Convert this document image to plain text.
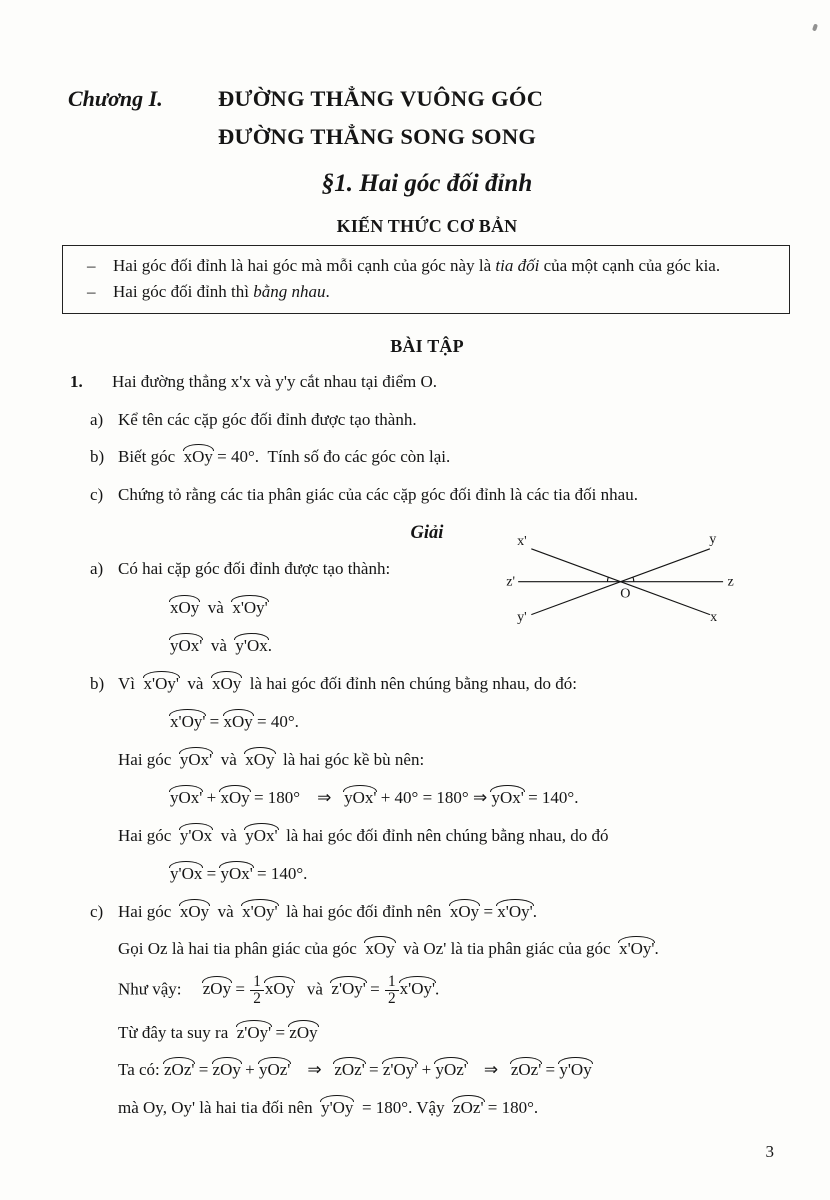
Chương I.	ĐƯỜNG THẲNG VUÔNG GÓC
ĐƯỜNG THẲNG SONG SONG
§1. Hai góc đối đỉnh
KIẾN THỨC CƠ BẢN
–	Hai góc đối đỉnh là hai góc mà mỗi cạnh của góc này là tia đối của một cạnh của góc kia.
–	Hai góc đối đỉnh thì bằng nhau.
BÀI TẬP
1.	Hai đường thẳng x'x và y'y cắt nhau tại điểm O.
a) Kể tên các cặp góc đối đỉnh được tạo thành.
b) Biết góc  xOy = 40°.  Tính số đo các góc còn lại.
c) Chứng tỏ rằng các tia phân giác của các cặp góc đối đỉnh là các tia đối nhau.
Giải
a) Có hai cặp góc đối đỉnh được tạo thành:
xOy  và  x'Oy'
yOx'  và  y'Ox.
x'	y
z'	z
y'	x
O
b) Vì  x'Oy'  và  xOy  là hai góc đối đỉnh nên chúng bằng nhau, do đó:
x'Oy' = xOy = 40°.
Hai góc  yOx'  và  xOy  là hai góc kề bù nên:
yOx' + xOy = 180°    ⇒   yOx' + 40° = 180° ⇒ yOx' = 140°.
Hai góc  y'Ox  và  yOx'  là hai góc đối đỉnh nên chúng bằng nhau, do đó
y'Ox = yOx' = 140°.
c) Hai góc  xOy  và  x'Oy'  là hai góc đối đỉnh nên  xOy = x'Oy'.
Gọi Oz là hai tia phân giác của góc  xOy  và Oz' là tia phân giác của góc  x'Oy'.
Như vậy:     zOy = $\frac{1}{2}$ xOy   và  $z'Oy' = \frac{1}{2} x'Oy'$.
Từ đây ta suy ra  z'Oy' = zOy
Ta có: zOz' = zOy + yOz'    ⇒   zOz' = z'Oy' + yOz'    ⇒   zOz' = y'Oy
mà Oy, Oy' là hai tia đối nên  y'Oy  = 180°. Vậy  zOz' = 180°.
3
